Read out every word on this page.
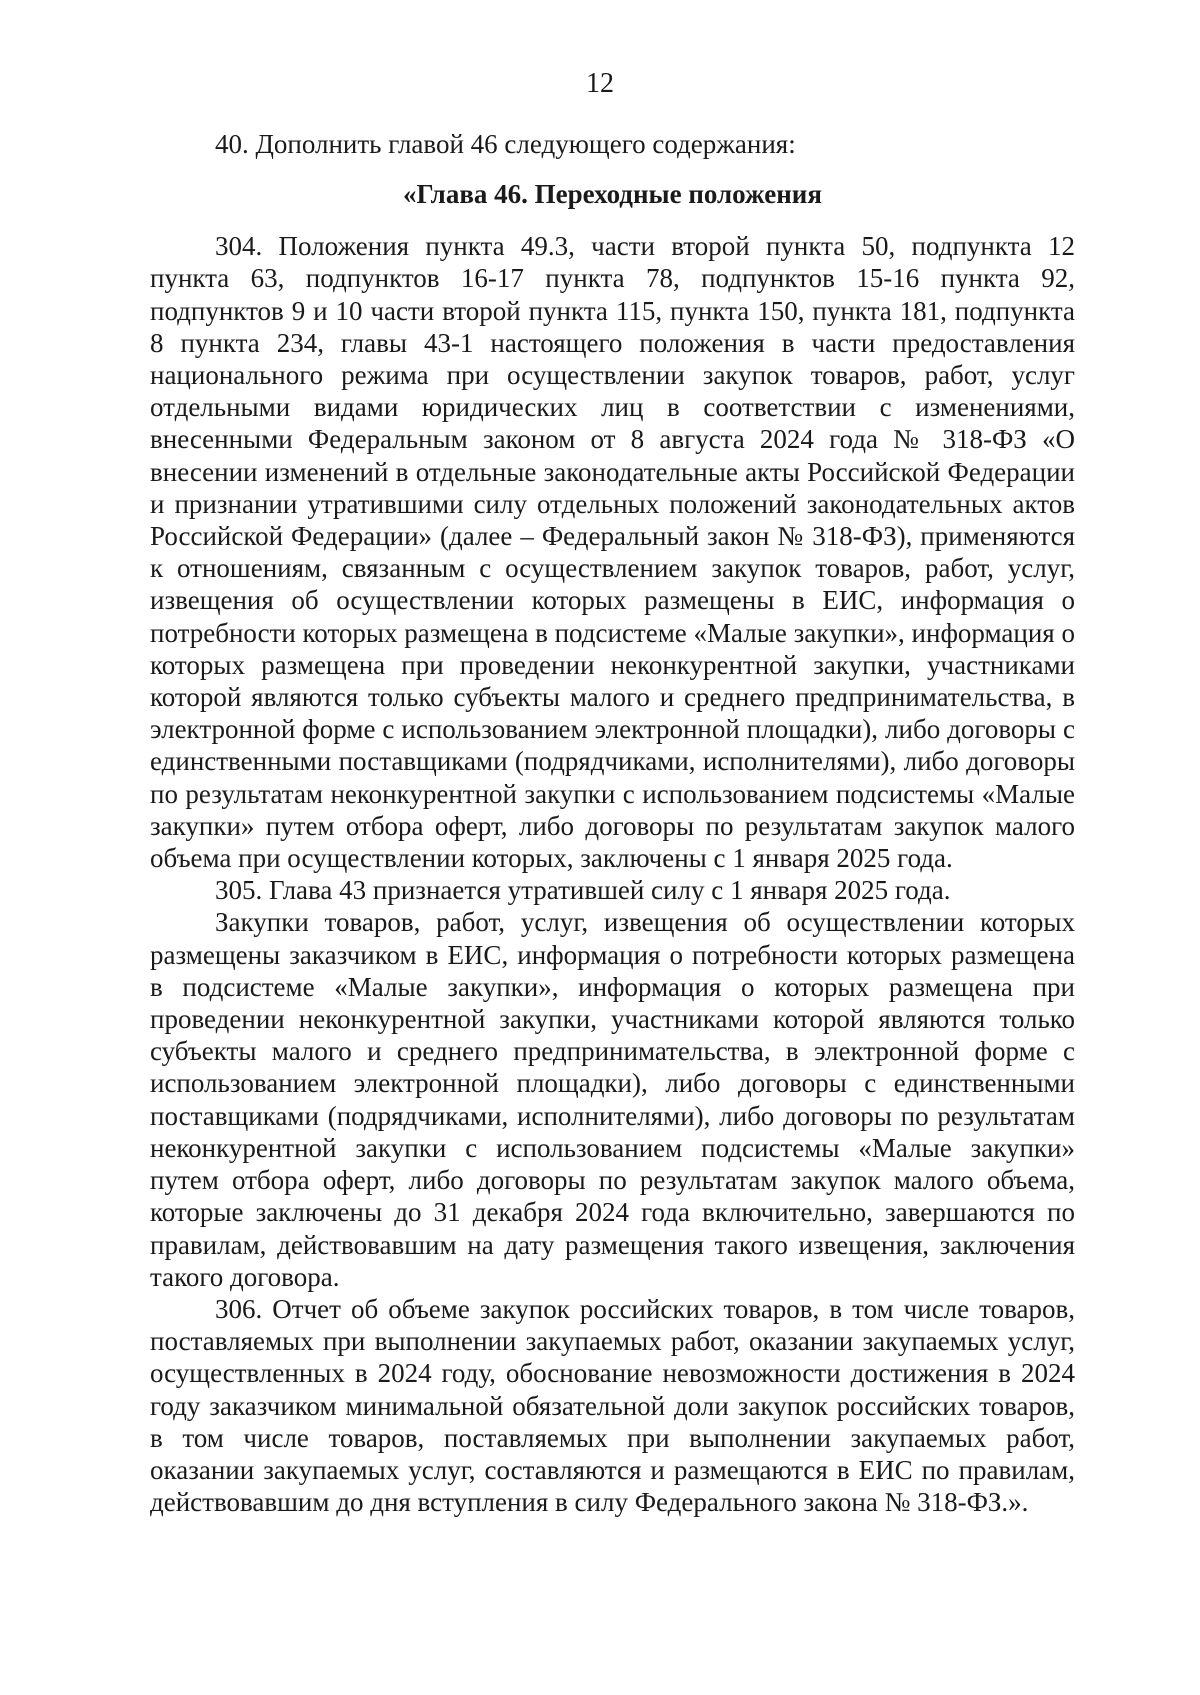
12

40. Дополнить главой 46 следующего содержания:

«Глава 46. Переходные положения

304. Положения пункта 49.3, части второй пункта 50, подпункта 12 пункта 63, подпунктов 16-17 пункта 78, подпунктов 15-16 пункта 92, подпунктов 9 и 10 части второй пункта 115, пункта 150, пункта 181, подпункта 8 пункта 234, главы 43-1 настоящего положения в части предоставления национального режима при осуществлении закупок товаров, работ, услуг отдельными видами юридических лиц в соответствии с изменениями, внесенными Федеральным законом от 8 августа 2024 года № 318-ФЗ «О внесении изменений в отдельные законодательные акты Российской Федерации и признании утратившими силу отдельных положений законодательных актов Российской Федерации» (далее – Федеральный закон № 318-ФЗ), применяются к отношениям, связанным с осуществлением закупок товаров, работ, услуг, извещения об осуществлении которых размещены в ЕИС, информация о потребности которых размещена в подсистеме «Малые закупки», информация о которых размещена при проведении неконкурентной закупки, участниками которой являются только субъекты малого и среднего предпринимательства, в электронной форме с использованием электронной площадки), либо договоры с единственными поставщиками (подрядчиками, исполнителями), либо договоры по результатам неконкурентной закупки с использованием подсистемы «Малые закупки» путем отбора оферт, либо договоры по результатам закупок малого объема при осуществлении которых, заключены с 1 января 2025 года.

305. Глава 43 признается утратившей силу с 1 января 2025 года.

Закупки товаров, работ, услуг, извещения об осуществлении которых размещены заказчиком в ЕИС, информация о потребности которых размещена в подсистеме «Малые закупки», информация о которых размещена при проведении неконкурентной закупки, участниками которой являются только субъекты малого и среднего предпринимательства, в электронной форме с использованием электронной площадки), либо договоры с единственными поставщиками (подрядчиками, исполнителями), либо договоры по результатам неконкурентной закупки с использованием подсистемы «Малые закупки» путем отбора оферт, либо договоры по результатам закупок малого объема, которые заключены до 31 декабря 2024 года включительно, завершаются по правилам, действовавшим на дату размещения такого извещения, заключения такого договора.

306. Отчет об объеме закупок российских товаров, в том числе товаров, поставляемых при выполнении закупаемых работ, оказании закупаемых услуг, осуществленных в 2024 году, обоснование невозможности достижения в 2024 году заказчиком минимальной обязательной доли закупок российских товаров, в том числе товаров, поставляемых при выполнении закупаемых работ, оказании закупаемых услуг, составляются и размещаются в ЕИС по правилам, действовавшим до дня вступления в силу Федерального закона № 318-ФЗ.».
